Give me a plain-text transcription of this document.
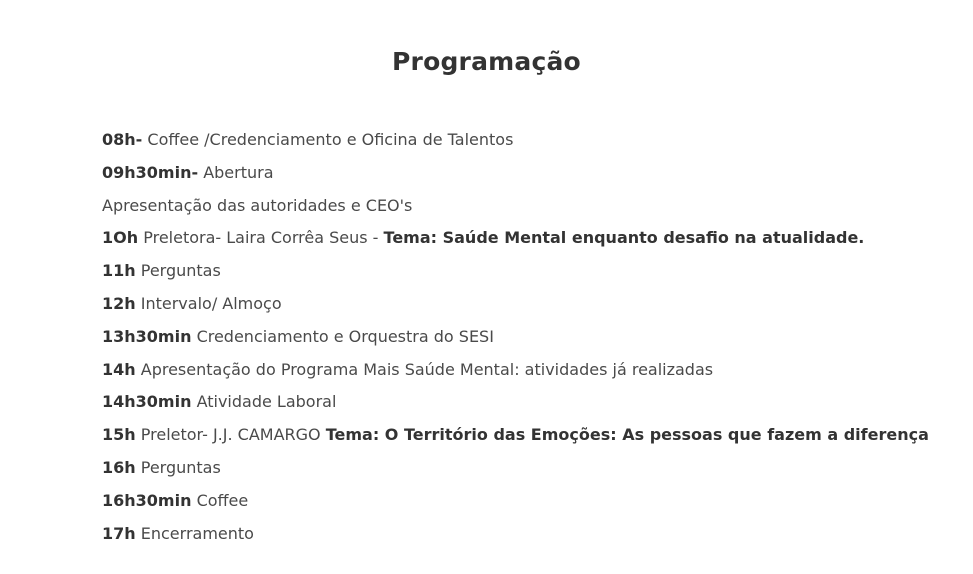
Programação
08h- Coffee /Credenciamento e Oficina de Talentos
09h30min- Abertura
Apresentação das autoridades e CEO's
1Oh Preletora- Laira Corrêa Seus - Tema: Saúde Mental enquanto desafio na atualidade.
11h Perguntas
12h Intervalo/ Almoço
13h30min Credenciamento e Orquestra do SESI
14h Apresentação do Programa Mais Saúde Mental: atividades já realizadas
14h30min Atividade Laboral
15h Preletor- J.J. CAMARGO Tema: O Território das Emoções: As pessoas que fazem a diferença
16h Perguntas
16h30min Coffee
17h Encerramento
